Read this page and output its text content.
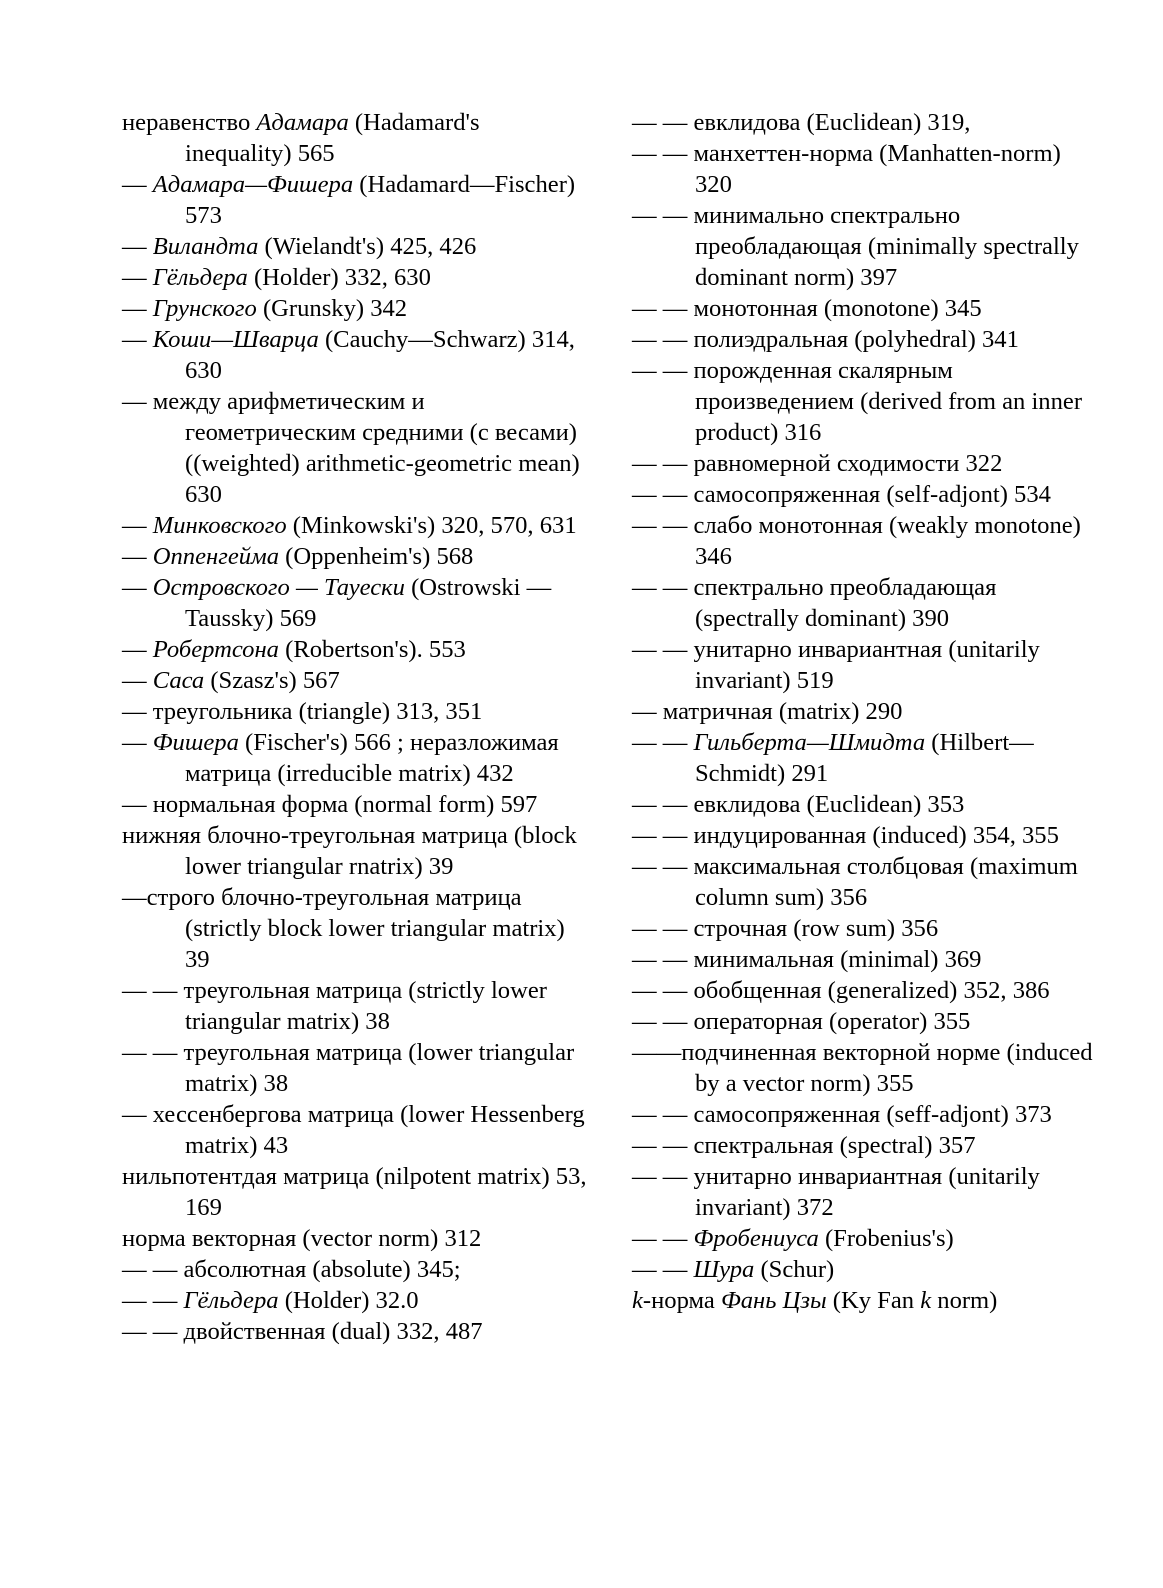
неравенство Адамара (Hadamard's inequality) 565

— Адамара—Фишера (Hadamard—Fischer) 573

— Виландта (Wielandt's) 425, 426

— Гёльдера (Holder) 332, 630

— Грунского (Grunsky) 342

— Коши—Шварца (Cauchy—Schwarz) 314, 630

— между арифметическим и геометрическим средними (с весами) ((weighted) arithmetic-geometric mean) 630

— Минковского (Minkowski's) 320, 570, 631

— Оппенгейма (Oppenheim's) 568

— Островского — Тауески (Ostrowski —Taussky) 569

— Робертсона (Robertson's). 553

— Саса (Szasz's) 567

— треугольника (triangle) 313, 351

— Фишера (Fischer's) 566 ; неразложимая матрица (irreducible matrix) 432

— нормальная форма (normal form) 597

нижняя блочно-треугольная матрица (block lower triangular rnatrix) 39

—строго блочно-треугольная матрица (strictly block lower triangular matrix) 39

— — треугольная матрица (strictly lower triangular matrix) 38

— — треугольная матрица (lower triangular matrix) 38

— хессенбергова матрица (lower Hessenberg matrix) 43

нильпотентдая матрица (nilpotent matrix) 53, 169

норма векторная (vector norm) 312

— — абсолютная (absolute) 345;

— — Гёльдера (Holder) 32.0

— — двойственная (dual) 332, 487

— — евклидова (Euclidean) 319,

— — манхеттен-норма (Manhatten-norm) 320

— — минимально спектрально преобладающая (minimally spectrally dominant norm) 397

— — монотонная (monotone) 345

— — полиэдральная (polyhedral) 341

— — порожденная скалярным произведением (derived from an inner product) 316

— — равномерной сходимости 322

— — самосопряженная (self-adjont) 534

— — слабо монотонная (weakly monotone) 346

— — спектрально преобладающая (spectrally dominant) 390

— — унитарно инвариантная (unitarily invariant) 519

— матричная (matrix) 290

— — Гильберта—Шмидта (Hilbert— Schmidt) 291

— — евклидова (Euclidean) 353

— — индуцированная (induced) 354, 355

— — максимальная столбцовая (maximum column sum) 356

— — строчная (row sum) 356

— — минимальная (minimal) 369

— — обобщенная (generalized) 352, 386

— — операторная (operator) 355

——подчиненная векторной норме (induced by a vector norm) 355

— — самосопряженная (seff-adjont) 373

— — спектральная (spectral) 357

— — унитарно инвариантная (unitarily invariant) 372

— — Фробениуса (Frobenius's)

— — Шура (Schur)

k-норма Фань Цзы (Ky Fan k norm)
